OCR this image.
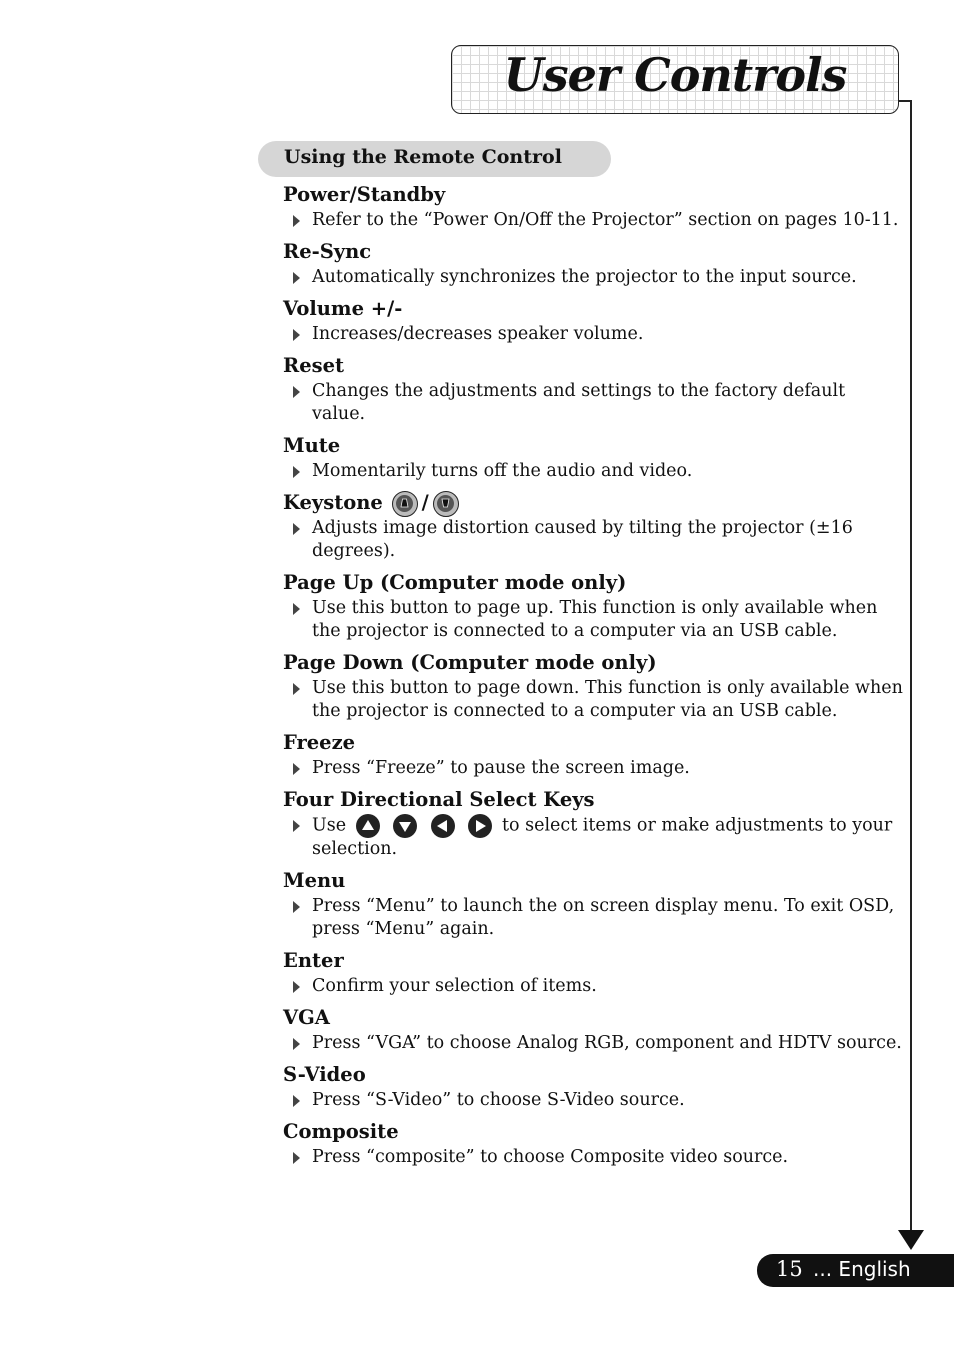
User Controls
Using the Remote Control
Power/Standby
Refer to the “Power On/Off the Projector” section on pages 10-11.
Re-Sync
Automatically synchronizes the projector to the input source.
Volume +/-
Increases/decreases speaker volume.
Reset
Changes the adjustments and settings to the factory default value.
Mute
Momentarily turns off the audio and video.
Keystone /
Adjusts image distortion caused by tilting the projector (±16 degrees).
Page Up (Computer mode only)
Use this button to page up. This function is only available when the projector is connected to a computer via an USB cable.
Page Down (Computer mode only)
Use this button to page down. This function is only available when the projector is connected to a computer via an USB cable.
Freeze
Press “Freeze” to pause the screen image.
Four Directional Select Keys
Use

	to select items or make adjustments to your selection.
Menu
Press “Menu” to launch the on screen display menu. To exit OSD, press “Menu” again.
Enter
Confirm your selection of items.
VGA
Press “VGA” to choose Analog RGB, component and HDTV source.
S-Video
Press “S-Video” to choose S-Video source.
Composite
Press “composite” to choose Composite video source.
15 ... English
